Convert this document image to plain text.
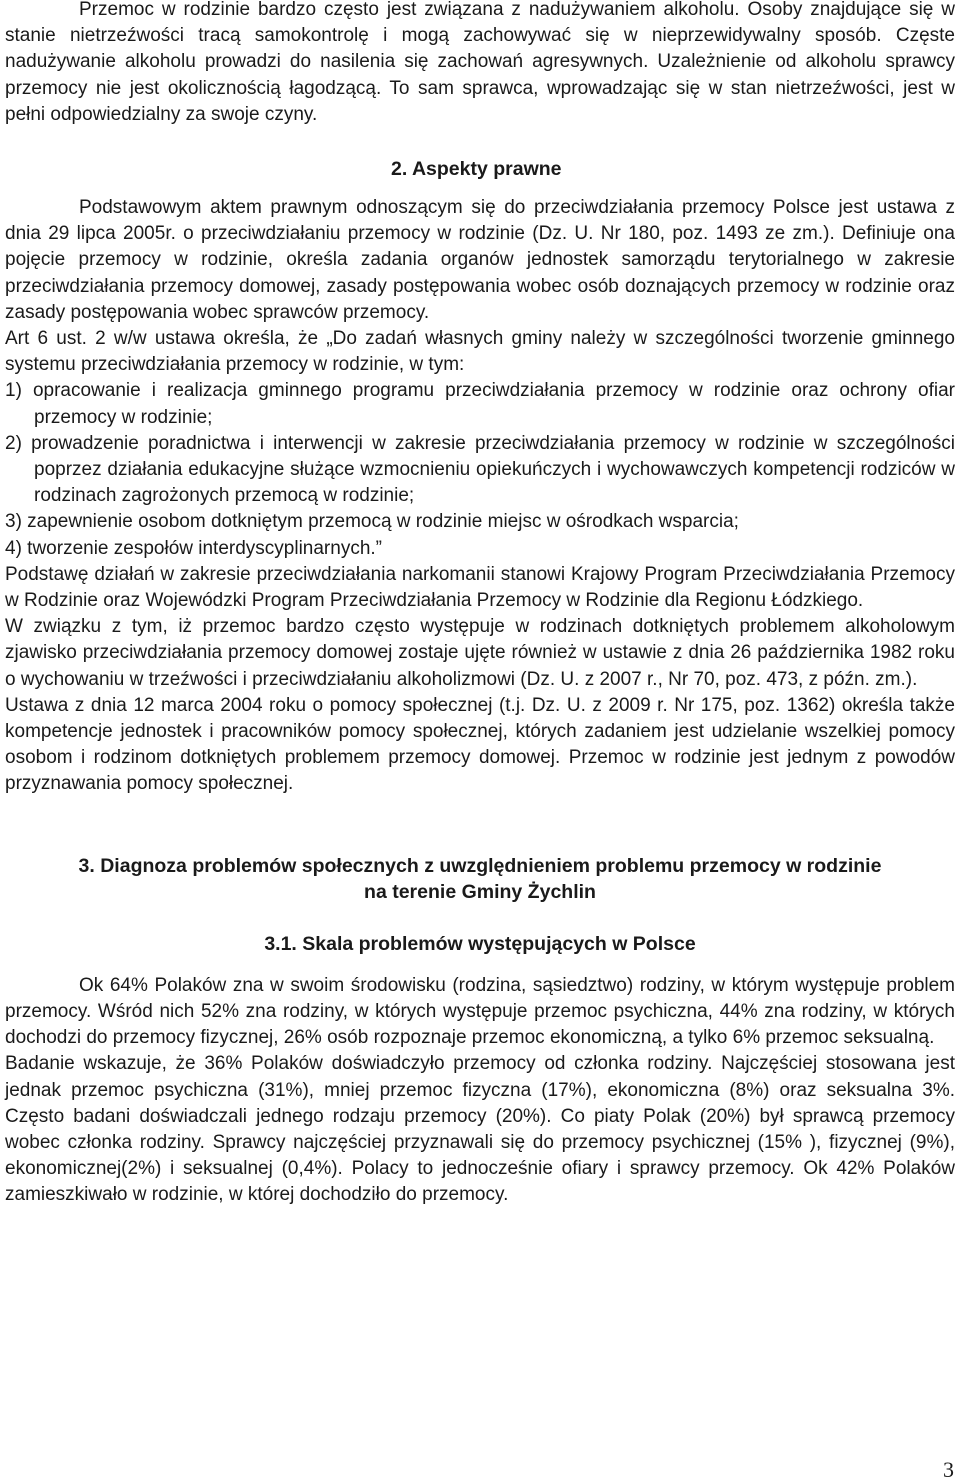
Przemoc w rodzinie bardzo często jest związana z nadużywaniem alkoholu. Osoby znajdujące się w stanie nietrzeźwości tracą samokontrolę i mogą zachowywać się w nieprzewidywalny sposób. Częste nadużywanie alkoholu prowadzi do nasilenia się zachowań agresywnych. Uzależnienie od alkoholu sprawcy przemocy nie jest okolicznością łagodzącą. To sam sprawca, wprowadzając się w stan nietrzeźwości, jest w pełni odpowiedzialny za swoje czyny.

2. Aspekty prawne

Podstawowym aktem prawnym odnoszącym się do przeciwdziałania przemocy Polsce jest ustawa z dnia 29 lipca 2005r. o przeciwdziałaniu przemocy w rodzinie (Dz. U. Nr 180, poz. 1493 ze zm.). Definiuje ona pojęcie przemocy w rodzinie, określa zadania organów jednostek samorządu terytorialnego w zakresie przeciwdziałania przemocy domowej, zasady postępowania wobec osób doznających przemocy w rodzinie oraz zasady postępowania wobec sprawców przemocy.

Art 6 ust. 2 w/w ustawa określa, że „Do zadań własnych gminy należy w szczególności tworzenie gminnego systemu przeciwdziałania przemocy w rodzinie, w tym:

1) opracowanie i realizacja gminnego programu przeciwdziałania przemocy w rodzinie oraz ochrony ofiar przemocy w rodzinie;

2) prowadzenie poradnictwa i interwencji w zakresie przeciwdziałania przemocy w rodzinie w szczególności poprzez działania edukacyjne służące wzmocnieniu opiekuńczych i wychowawczych kompetencji rodziców w rodzinach zagrożonych przemocą w rodzinie;

3) zapewnienie osobom dotkniętym przemocą w rodzinie miejsc w ośrodkach wsparcia;

4) tworzenie zespołów interdyscyplinarnych.”

Podstawę działań w zakresie przeciwdziałania narkomanii stanowi Krajowy Program Przeciwdziałania Przemocy w Rodzinie oraz Wojewódzki Program Przeciwdziałania Przemocy w Rodzinie dla Regionu Łódzkiego.

W związku z tym, iż przemoc bardzo często występuje w rodzinach dotkniętych problemem alkoholowym zjawisko przeciwdziałania przemocy domowej zostaje ujęte również w ustawie z dnia 26 października 1982 roku o wychowaniu w trzeźwości i przeciwdziałaniu alkoholizmowi (Dz. U. z 2007 r., Nr 70, poz. 473, z późn. zm.).

Ustawa z dnia 12 marca 2004 roku o pomocy społecznej (t.j. Dz. U. z 2009 r. Nr 175, poz. 1362) określa także kompetencje jednostek i pracowników pomocy społecznej, których zadaniem jest udzielanie wszelkiej pomocy osobom i rodzinom dotkniętych problemem przemocy domowej. Przemoc w rodzinie jest jednym z powodów przyznawania pomocy społecznej.

3. Diagnoza problemów społecznych z uwzględnieniem problemu przemocy w rodzinie

na terenie Gminy Żychlin

3.1. Skala problemów występujących w Polsce

Ok 64% Polaków zna w swoim środowisku (rodzina, sąsiedztwo) rodziny, w którym występuje problem przemocy. Wśród nich 52% zna rodziny, w których występuje przemoc psychiczna, 44% zna rodziny, w których dochodzi do przemocy fizycznej, 26% osób rozpoznaje przemoc ekonomiczną, a tylko 6% przemoc seksualną.

Badanie wskazuje, że 36% Polaków doświadczyło przemocy od członka rodziny. Najczęściej stosowana jest jednak przemoc psychiczna (31%), mniej przemoc fizyczna (17%), ekonomiczna (8%) oraz seksualna 3%. Często badani doświadczali jednego rodzaju przemocy (20%). Co piaty Polak (20%) był sprawcą przemocy wobec członka rodziny. Sprawcy najczęściej przyznawali się do przemocy psychicznej (15% ), fizycznej (9%), ekonomicznej(2%) i seksualnej (0,4%). Polacy to jednocześnie ofiary i sprawcy przemocy. Ok 42% Polaków zamieszkiwało w rodzinie, w której dochodziło do przemocy.

3
